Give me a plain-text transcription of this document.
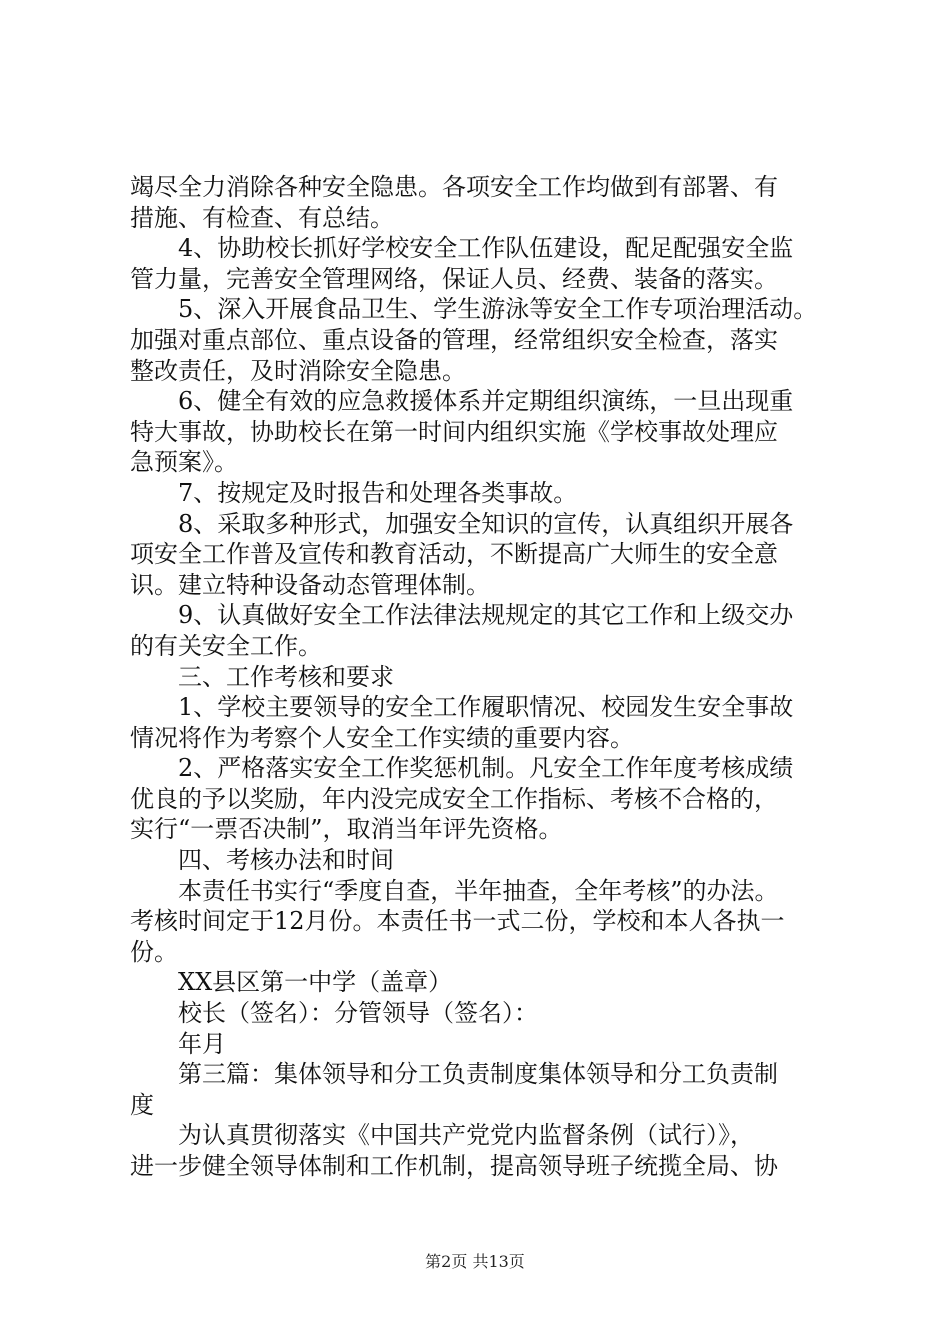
竭尽全力消除各种安全隐患。各项安全工作均做到有部署、有
措施、有检查、有总结。
4、协助校长抓好学校安全工作队伍建设，配足配强安全监
管力量，完善安全管理网络，保证人员、经费、装备的落实。
5、深入开展食品卫生、学生游泳等安全工作专项治理活动。
加强对重点部位、重点设备的管理，经常组织安全检查，落实
整改责任，及时消除安全隐患。
6、健全有效的应急救援体系并定期组织演练，一旦出现重
特大事故，协助校长在第一时间内组织实施《学校事故处理应
急预案》。
7、按规定及时报告和处理各类事故。
8、采取多种形式，加强安全知识的宣传，认真组织开展各
项安全工作普及宣传和教育活动，不断提高广大师生的安全意
识。建立特种设备动态管理体制。
9、认真做好安全工作法律法规规定的其它工作和上级交办
的有关安全工作。
三、工作考核和要求
1、学校主要领导的安全工作履职情况、校园发生安全事故
情况将作为考察个人安全工作实绩的重要内容。
2、严格落实安全工作奖惩机制。凡安全工作年度考核成绩
优良的予以奖励，年内没完成安全工作指标、考核不合格的，
实行“一票否决制”，取消当年评先资格。
四、考核办法和时间
本责任书实行“季度自查，半年抽查，全年考核”的办法。
考核时间定于12月份。本责任书一式二份，学校和本人各执一
份。
XX县区第一中学（盖章）
校长（签名）：分管领导（签名）：
年月
第三篇：集体领导和分工负责制度集体领导和分工负责制
度
为认真贯彻落实《中国共产党党内监督条例（试行）》，
进一步健全领导体制和工作机制，提高领导班子统揽全局、协
第2页 共13页
